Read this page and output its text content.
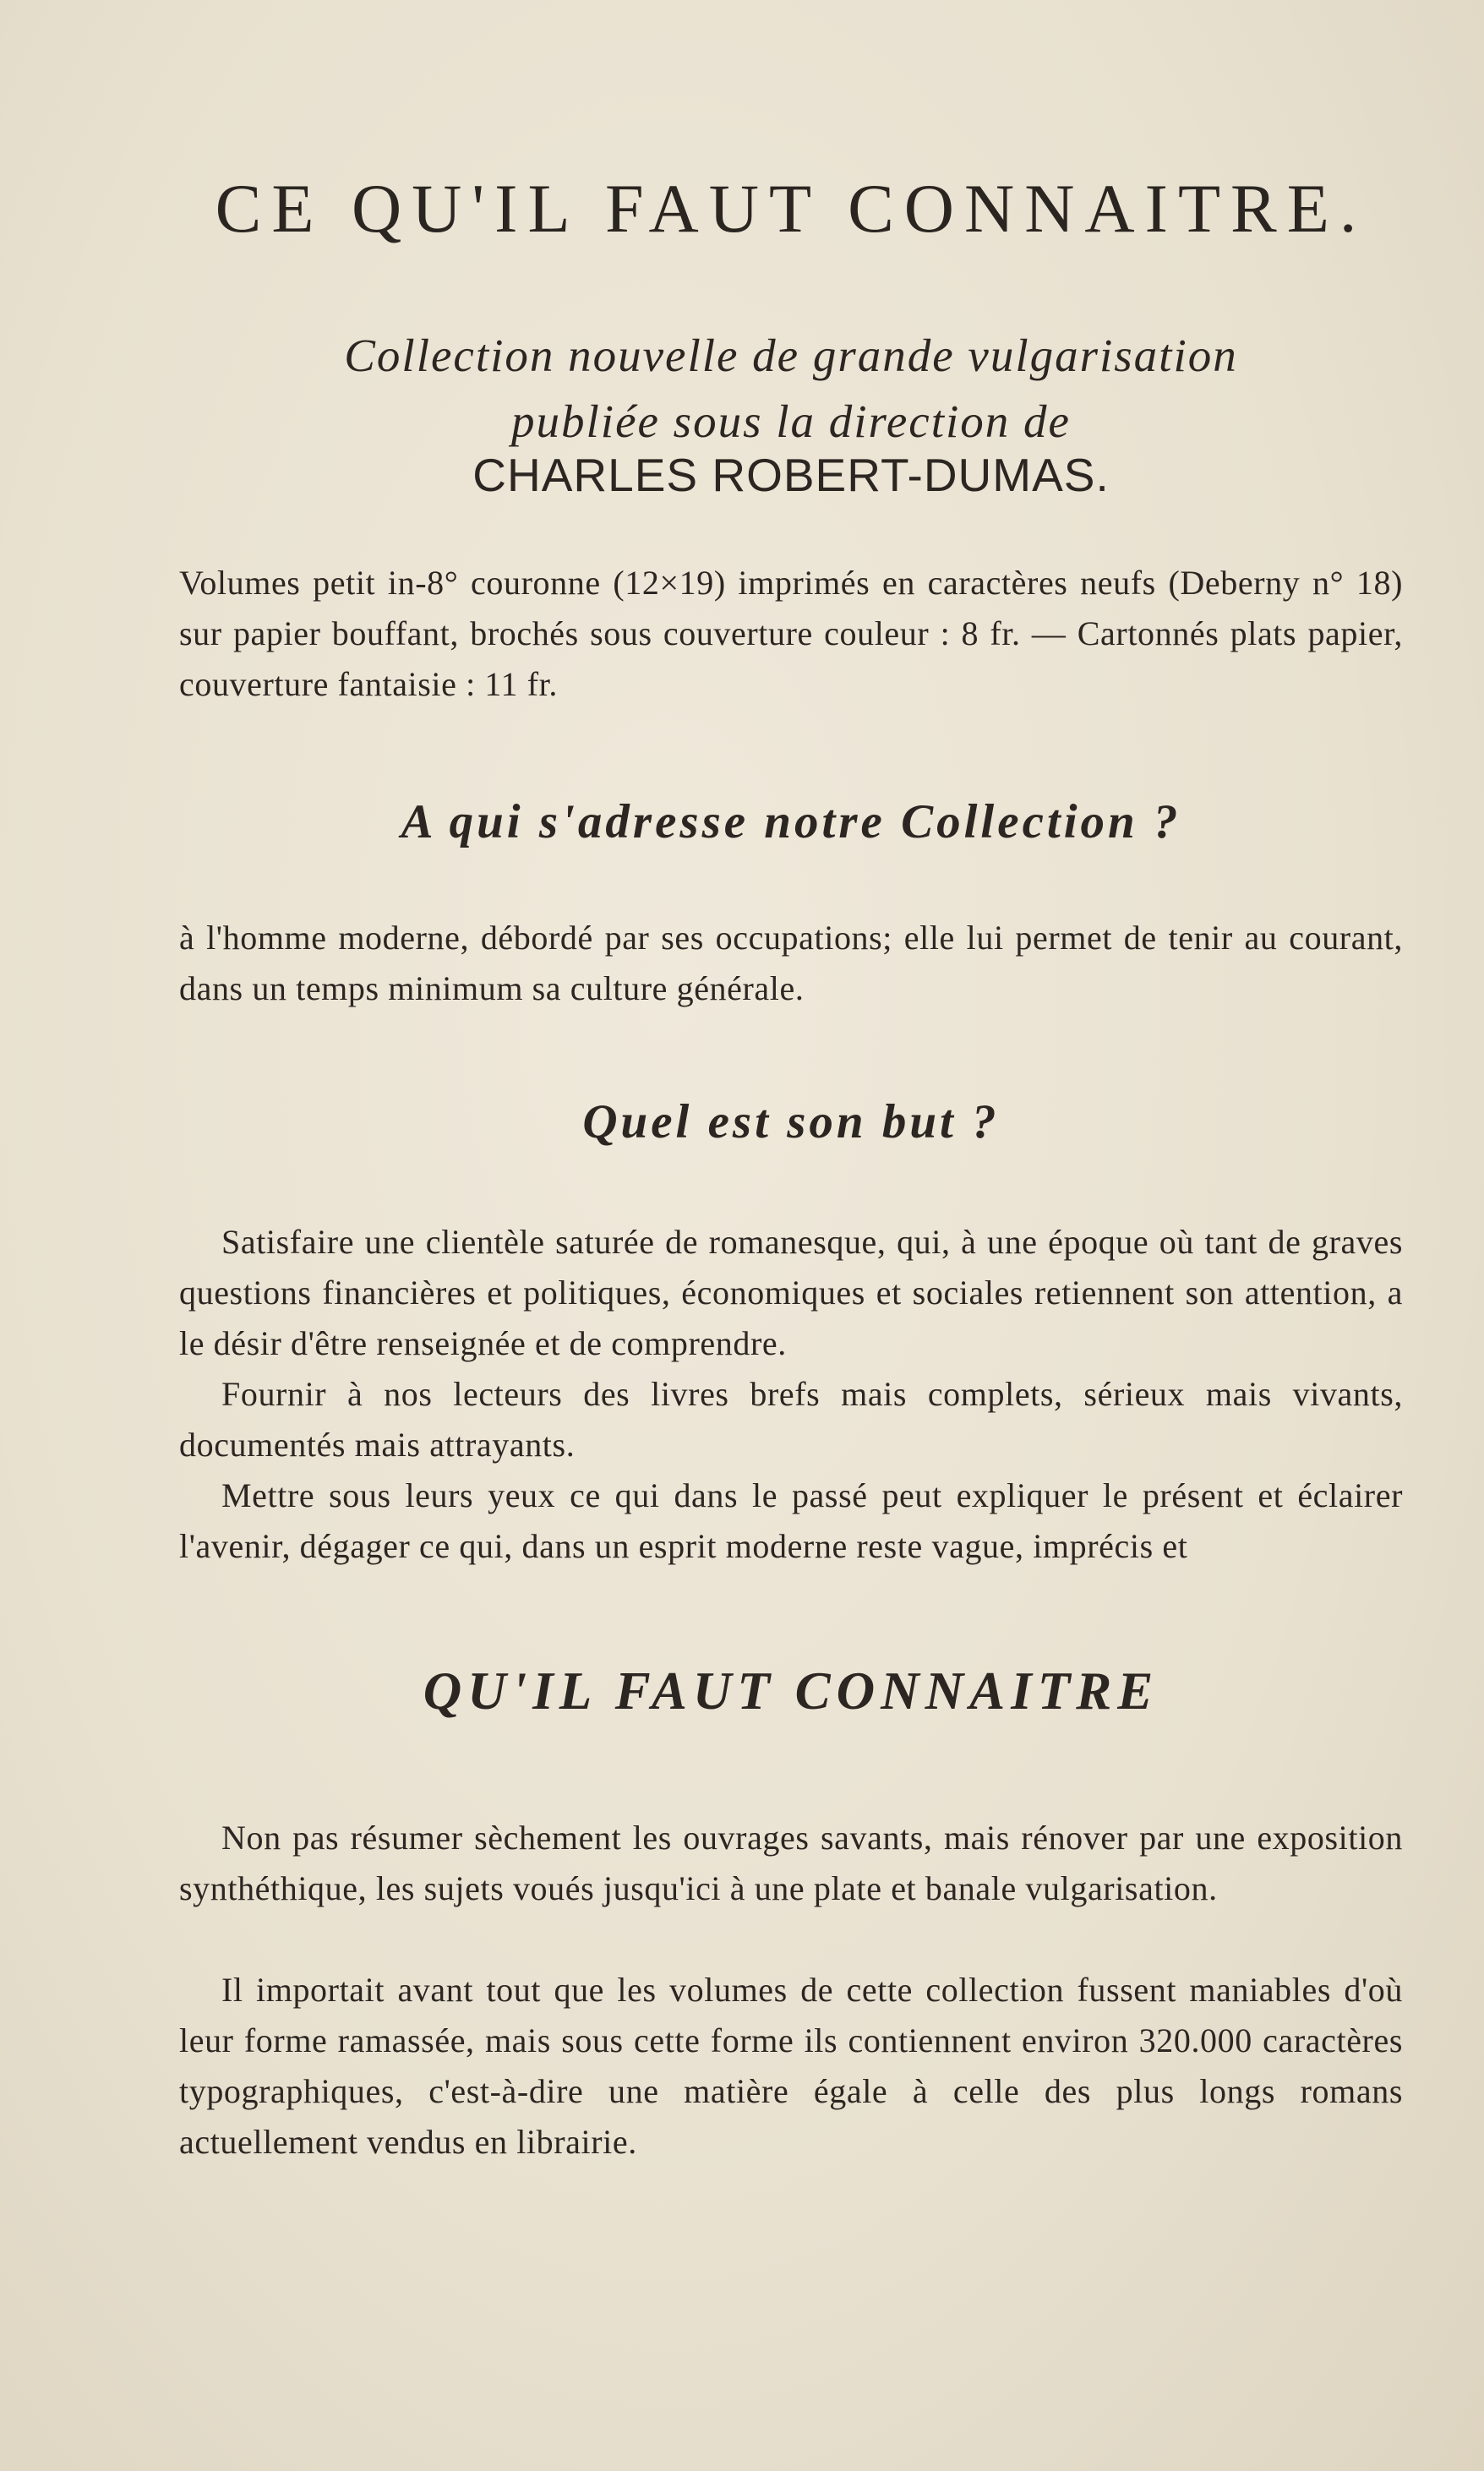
CE QU'IL FAUT CONNAITRE.

Collection nouvelle de grande vulgarisation
publiée sous la direction de

CHARLES ROBERT-DUMAS.

Volumes petit in-8° couronne (12×19) imprimés en caractères neufs (Deberny n° 18) sur papier bouffant, brochés sous couverture couleur : 8 fr. — Cartonnés plats papier, couverture fantaisie : 11 fr.

A qui s'adresse notre Collection ?

à l'homme moderne, débordé par ses occupations; elle lui permet de tenir au courant, dans un temps minimum sa culture générale.

Quel est son but ?

Satisfaire une clientèle saturée de romanesque, qui, à une époque où tant de graves questions financières et politiques, économiques et sociales retiennent son attention, a le désir d'être renseignée et de comprendre.

Fournir à nos lecteurs des livres brefs mais complets, sérieux mais vivants, documentés mais attrayants.

Mettre sous leurs yeux ce qui dans le passé peut expliquer le présent et éclairer l'avenir, dégager ce qui, dans un esprit moderne reste vague, imprécis et

QU'IL FAUT CONNAITRE

Non pas résumer sèchement les ouvrages savants, mais rénover par une exposition synthéthique, les sujets voués jusqu'ici à une plate et banale vulgarisation.

Il importait avant tout que les volumes de cette collection fussent maniables d'où leur forme ramassée, mais sous cette forme ils contiennent environ 320.000 caractères typographiques, c'est-à-dire une matière égale à celle des plus longs romans actuellement vendus en librairie.
